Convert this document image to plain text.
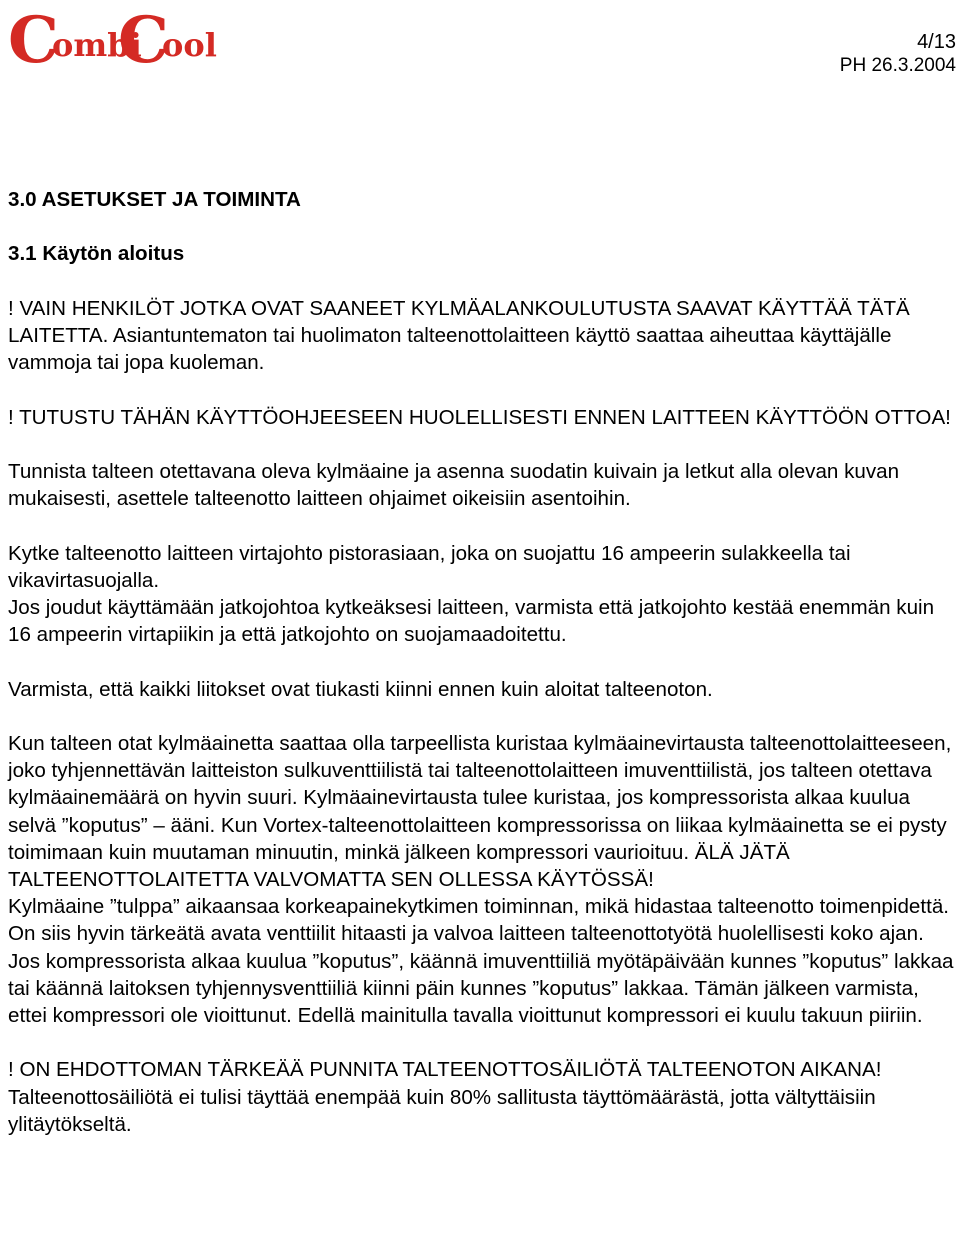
C
ombi
C
ool	4/13
PH 26.3.2004
3.0 ASETUKSET JA TOIMINTA
3.1 Käytön aloitus
! VAIN HENKILÖT JOTKA OVAT SAANEET KYLMÄALANKOULUTUSTA SAAVAT KÄYTTÄÄ TÄTÄ LAITETTA. Asiantuntematon tai huolimaton talteenottolaitteen käyttö saattaa aiheuttaa käyttäjälle vammoja tai jopa kuoleman.
! TUTUSTU TÄHÄN KÄYTTÖOHJEESEEN HUOLELLISESTI ENNEN LAITTEEN KÄYTTÖÖN OTTOA!
Tunnista talteen otettavana oleva kylmäaine ja asenna suodatin kuivain ja letkut alla olevan kuvan mukaisesti, asettele talteenotto laitteen ohjaimet oikeisiin asentoihin.
Kytke talteenotto laitteen virtajohto pistorasiaan, joka on suojattu 16 ampeerin sulakkeella tai vikavirtasuojalla.
Jos joudut käyttämään jatkojohtoa kytkeäksesi laitteen, varmista että jatkojohto kestää enemmän kuin 16 ampeerin virtapiikin ja että jatkojohto on suojamaadoitettu.
Varmista, että kaikki liitokset ovat tiukasti kiinni ennen kuin aloitat talteenoton.
Kun talteen otat kylmäainetta saattaa olla tarpeellista kuristaa kylmäainevirtausta talteenottolaitteeseen, joko tyhjennettävän laitteiston sulkuventtiilistä tai talteenottolaitteen imuventtiilistä, jos talteen otettava kylmäainemäärä on hyvin suuri. Kylmäainevirtausta tulee kuristaa, jos kompressorista alkaa kuulua selvä ”koputus” – ääni. Kun Vortex-talteenottolaitteen kompressorissa on liikaa kylmäainetta se ei pysty toimimaan kuin muutaman minuutin, minkä jälkeen kompressori vaurioituu. ÄLÄ JÄTÄ TALTEENOTTOLAITETTA VALVOMATTA SEN OLLESSA KÄYTÖSSÄ!
Kylmäaine ”tulppa” aikaansaa korkeapainekytkimen toiminnan, mikä hidastaa talteenotto toimenpidettä. On siis hyvin tärkeätä avata venttiilit hitaasti ja valvoa laitteen talteenottotyötä huolellisesti koko ajan. Jos kompressorista alkaa kuulua ”koputus”, käännä imuventtiiliä myötäpäivään kunnes ”koputus” lakkaa tai käännä laitoksen tyhjennysventtiiliä kiinni päin kunnes ”koputus” lakkaa. Tämän jälkeen varmista, ettei kompressori ole vioittunut. Edellä mainitulla tavalla vioittunut kompressori ei kuulu takuun piiriin.
! ON EHDOTTOMAN TÄRKEÄÄ PUNNITA TALTEENOTTOSÄILIÖTÄ TALTEENOTON AIKANA! Talteenottosäiliötä ei tulisi täyttää enempää kuin 80% sallitusta täyttömäärästä, jotta vältyttäisiin ylitäytökseltä.
